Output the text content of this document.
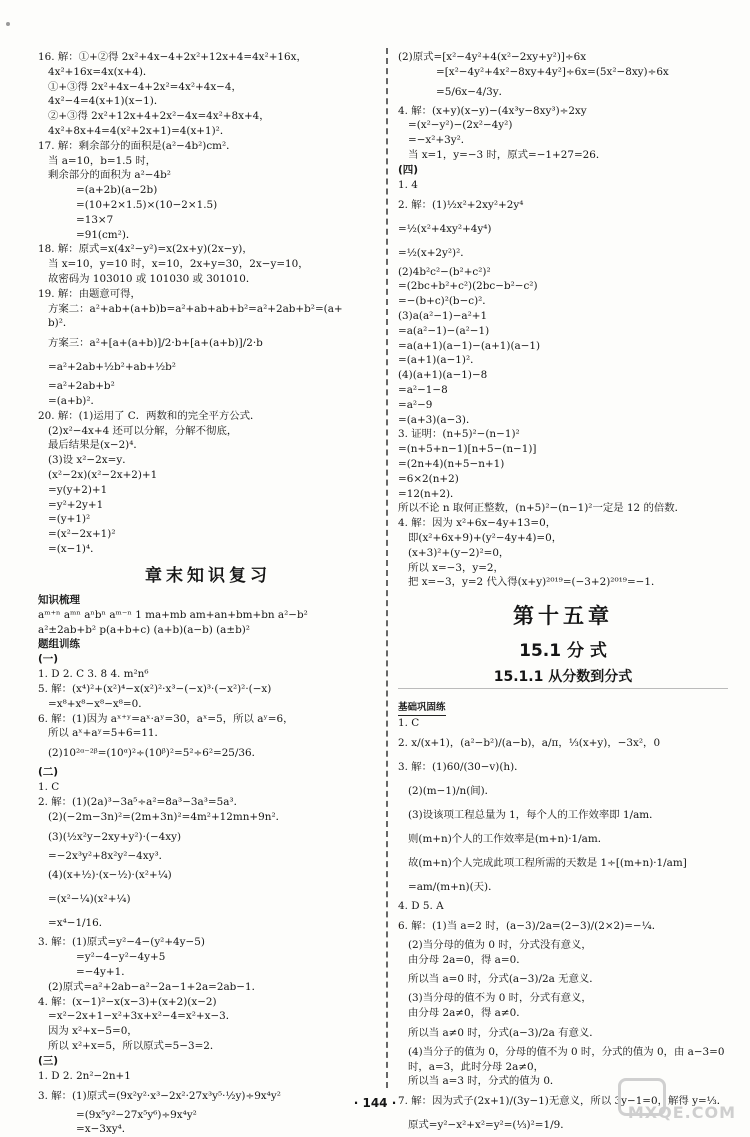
16. 解：①+②得 2x²+4x−4+2x²+12x+4=4x²+16x，
4x²+16x=4x(x+4)．
①+③得 2x²+4x−4+2x²=4x²+4x−4，
4x²−4=4(x+1)(x−1)．
②+③得 2x²+12x+4+2x²−4x=4x²+8x+4，
4x²+8x+4=4(x²+2x+1)=4(x+1)²．
17. 解：剩余部分的面积是(a²−4b²)cm²．
当 a=10，b=1.5 时，
剩余部分的面积为 a²−4b²
=(a+2b)(a−2b)
=(10+2×1.5)×(10−2×1.5)
=13×7
=91(cm²)．
18. 解：原式=x(4x²−y²)=x(2x+y)(2x−y)，
当 x=10，y=10 时，x=10，2x+y=30，2x−y=10，
故密码为 103010 或 101030 或 301010．
19. 解：由题意可得，
方案二：a²+ab+(a+b)b=a²+ab+ab+b²=a²+2ab+b²=(a+
b)²．
方案三：a²+[a+(a+b)]/2·b+[a+(a+b)]/2·b
=a²+2ab+½b²+ab+½b²
=a²+2ab+b²
=(a+b)²．
20. 解：(1)运用了 C．两数和的完全平方公式．
(2)x²−4x+4 还可以分解，分解不彻底，
最后结果是(x−2)⁴．
(3)设 x²−2x=y．
(x²−2x)(x²−2x+2)+1
=y(y+2)+1
=y²+2y+1
=(y+1)²
=(x²−2x+1)²
=(x−1)⁴．
章末知识复习
知识梳理
aᵐ⁺ⁿ aᵐⁿ aⁿbⁿ aᵐ⁻ⁿ 1 ma+mb am+an+bm+bn a²−b²
a²±2ab+b² p(a+b+c) (a+b)(a−b) (a±b)²
题组训练
(一)
1. D 2. C 3. 8 4. m²n⁶
5. 解：(x⁴)²+(x²)⁴−x(x²)²·x³−(−x)³·(−x²)²·(−x)
=x⁸+x⁸−x⁸−x⁸=0．
6. 解：(1)因为 aˣ⁺ʸ=aˣ·aʸ=30，aˣ=5，所以 aʸ=6，
所以 aˣ+aʸ=5+6=11．
(2)10²ᵅ⁻²ᵝ=(10ᵅ)²÷(10ᵝ)²=5²÷6²=25/36．
(二)
1. C
2. 解：(1)(2a)³−3a⁵÷a²=8a³−3a³=5a³．
(2)(−2m−3n)²=(2m+3n)²=4m²+12mn+9n²．
(3)(½x²y−2xy+y²)·(−4xy)
=−2x³y²+8x²y²−4xy³．
(4)(x+½)·(x−½)·(x²+¼)
=(x²−¼)(x²+¼)
=x⁴−1/16．
3. 解：(1)原式=y²−4−(y²+4y−5)
=y²−4−y²−4y+5
=−4y+1．
(2)原式=a²+2ab−a²−2a−1+2a=2ab−1．
4. 解：(x−1)²−x(x−3)+(x+2)(x−2)
=x²−2x+1−x²+3x+x²−4=x²+x−3．
因为 x²+x−5=0，
所以 x²+x=5，所以原式=5−3=2．
(三)
1. D 2. 2n²−2n+1
3. 解：(1)原式=(9x²y²·x³−2x²·27x³y⁵·½y)÷9x⁴y²
=(9x⁵y²−27x⁵y⁶)÷9x⁴y²
=x−3xy⁴．
(2)原式=[x²−4y²+4(x²−2xy+y²)]÷6x
=[x²−4y²+4x²−8xy+4y²]÷6x=(5x²−8xy)÷6x
=5/6x−4/3y．
4. 解：(x+y)(x−y)−(4x³y−8xy³)÷2xy
=(x²−y²)−(2x²−4y²)
=−x²+3y²．
当 x=1，y=−3 时，原式=−1+27=26．
(四)
1. 4
2. 解：(1)½x²+2xy²+2y⁴
=½(x²+4xy²+4y⁴)
=½(x+2y²)²．
(2)4b²c²−(b²+c²)²
=(2bc+b²+c²)(2bc−b²−c²)
=−(b+c)²(b−c)²．
(3)a(a²−1)−a²+1
=a(a²−1)−(a²−1)
=a(a+1)(a−1)−(a+1)(a−1)
=(a+1)(a−1)²．
(4)(a+1)(a−1)−8
=a²−1−8
=a²−9
=(a+3)(a−3)．
3. 证明：(n+5)²−(n−1)²
=(n+5+n−1)[n+5−(n−1)]
=(2n+4)(n+5−n+1)
=6×2(n+2)
=12(n+2)．
所以不论 n 取何正整数，(n+5)²−(n−1)²一定是 12 的倍数．
4. 解：因为 x²+6x−4y+13=0，
即(x²+6x+9)+(y²−4y+4)=0，
(x+3)²+(y−2)²=0，
所以 x=−3，y=2，
把 x=−3，y=2 代入得(x+y)²⁰¹⁹=(−3+2)²⁰¹⁹=−1．
第十五章
15.1 分 式
15.1.1 从分数到分式
基础巩固练
1. C
2. x/(x+1)，(a²−b²)/(a−b)，a/π，⅓(x+y)，−3x²，0
3. 解：(1)60/(30−v)(h)．
(2)(m−1)/n(间)．
(3)设该项工程总量为 1，每个人的工作效率即 1/am．
则(m+n)个人的工作效率是(m+n)·1/am．
故(m+n)个人完成此项工程所需的天数是 1÷[(m+n)·1/am]
=am/(m+n)(天)．
4. D 5. A
6. 解：(1)当 a=2 时，(a−3)/2a=(2−3)/(2×2)=−¼．
(2)当分母的值为 0 时，分式没有意义，
由分母 2a=0，得 a=0．
所以当 a=0 时，分式(a−3)/2a 无意义．
(3)当分母的值不为 0 时，分式有意义，
由分母 2a≠0，得 a≠0．
所以当 a≠0 时，分式(a−3)/2a 有意义．
(4)当分子的值为 0，分母的值不为 0 时，分式的值为 0，由 a−3=0
时，a=3，此时分母 2a≠0，
所以当 a=3 时，分式的值为 0．
7. 解：因为式子(2x+1)/(3y−1)无意义，所以 3y−1=0，解得 y=⅓．
原式=y²−x²+x²=y²=(⅓)²=1/9．
· 144 ·	MXQE.COM
